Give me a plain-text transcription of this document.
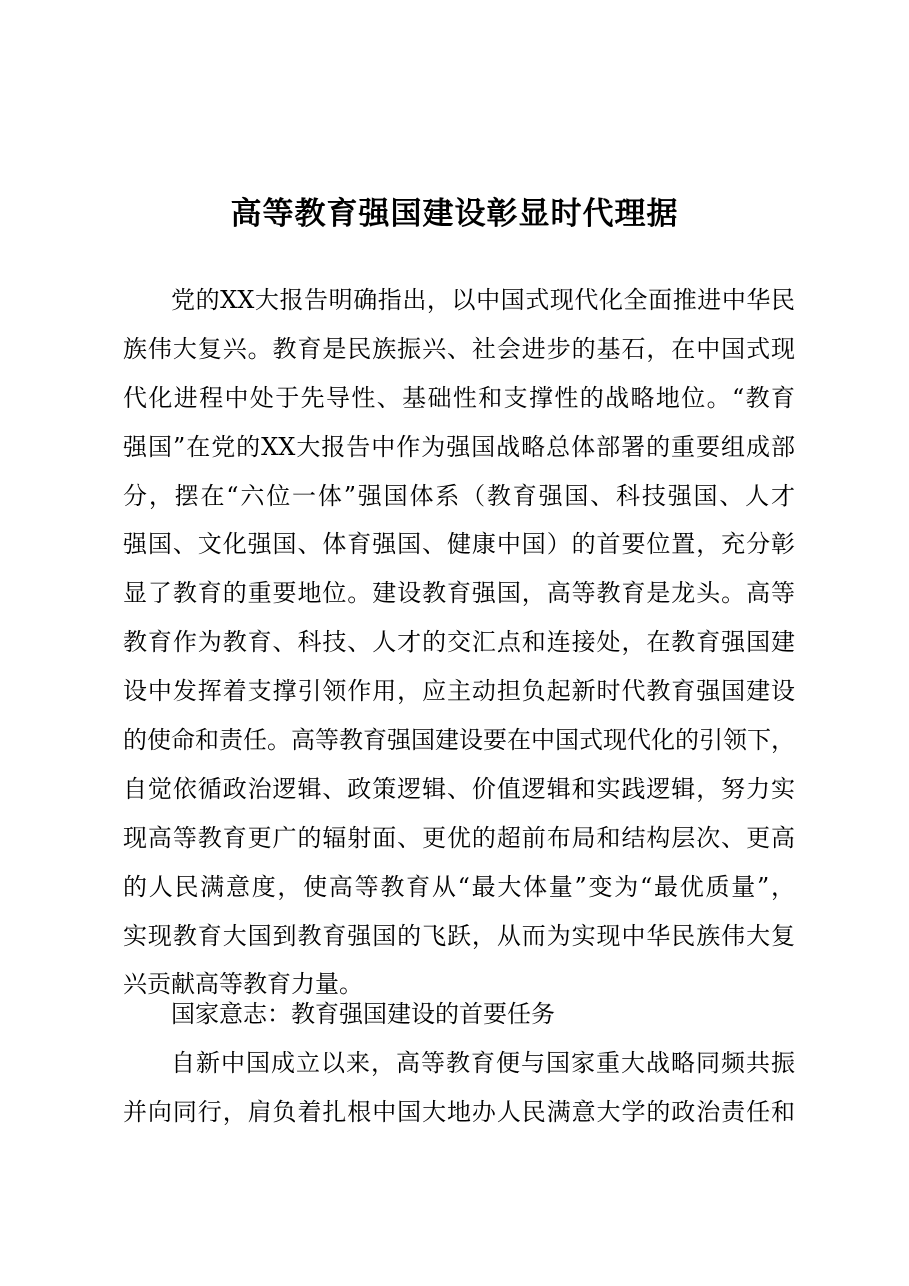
高等教育强国建设彰显时代理据
党的XX大报告明确指出，以中国式现代化全面推进中华民
族伟大复兴。教育是民族振兴、社会进步的基石，在中国式现
代化进程中处于先导性、基础性和支撑性的战略地位。“教育
强国”在党的XX大报告中作为强国战略总体部署的重要组成部
分，摆在“六位一体”强国体系（教育强国、科技强国、人才
强国、文化强国、体育强国、健康中国）的首要位置，充分彰
显了教育的重要地位。建设教育强国，高等教育是龙头。高等
教育作为教育、科技、人才的交汇点和连接处，在教育强国建
设中发挥着支撑引领作用，应主动担负起新时代教育强国建设
的使命和责任。高等教育强国建设要在中国式现代化的引领下，
自觉依循政治逻辑、政策逻辑、价值逻辑和实践逻辑，努力实
现高等教育更广的辐射面、更优的超前布局和结构层次、更高
的人民满意度，使高等教育从“最大体量”变为“最优质量”，
实现教育大国到教育强国的飞跃，从而为实现中华民族伟大复
兴贡献高等教育力量。
国家意志：教育强国建设的首要任务
自新中国成立以来，高等教育便与国家重大战略同频共振
并向同行，肩负着扎根中国大地办人民满意大学的政治责任和
